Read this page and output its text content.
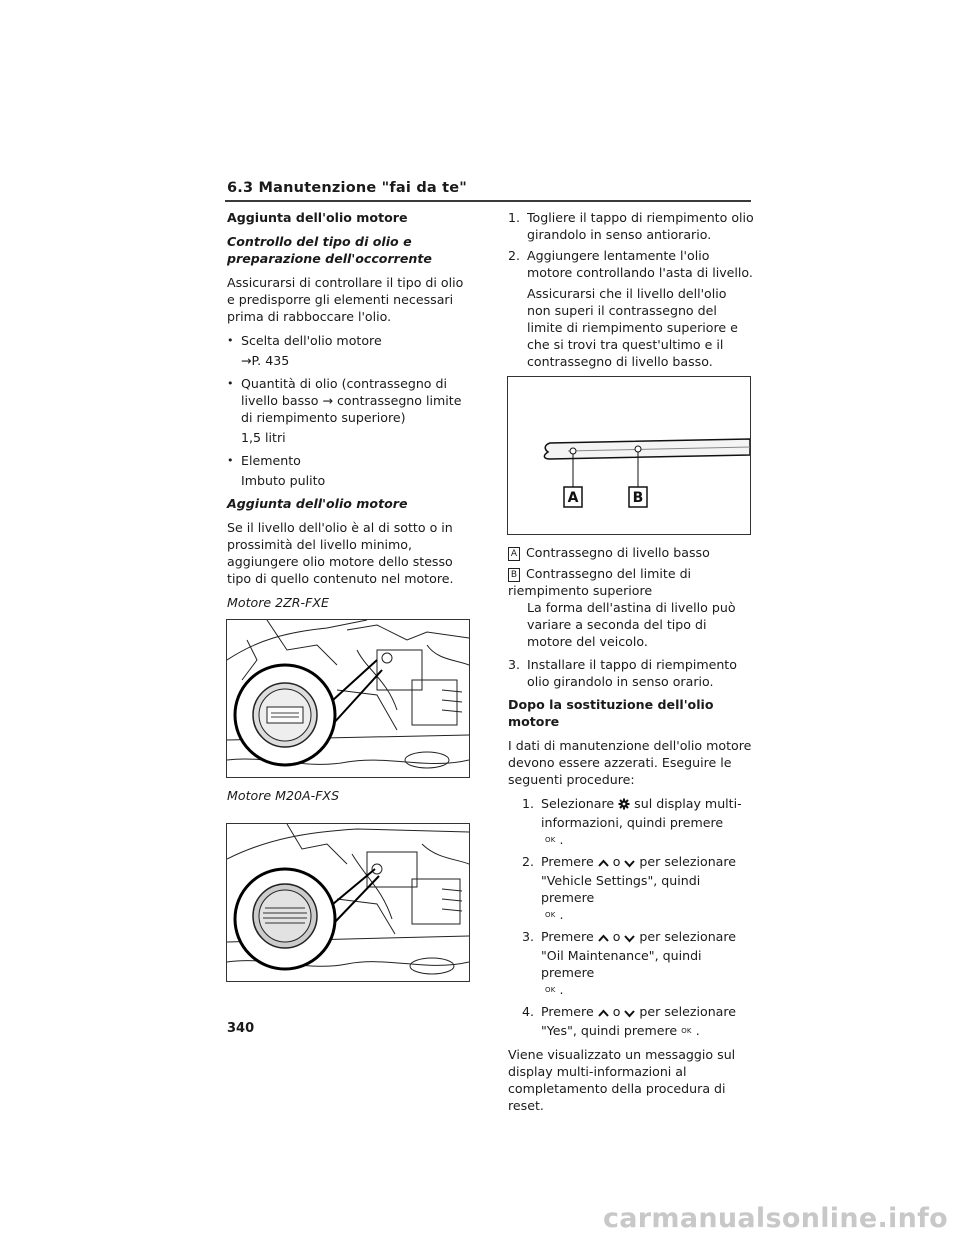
6.3 Manutenzione "fai da te"
Aggiunta dell'olio motore
Controllo del tipo di olio e preparazione dell'occorrente
Assicurarsi di controllare il tipo di olio e predisporre gli elementi necessari prima di rabboccare l'olio.
• Scelta dell'olio motore
→P. 435
• Quantità di olio (contrassegno di livello basso → contrassegno limite di riempimento superiore)
1,5 litri
• Elemento
Imbuto pulito
Aggiunta dell'olio motore
Se il livello dell'olio è al di sotto o in prossimità del livello minimo, aggiungere olio motore dello stesso tipo di quello contenuto nel motore.
Motore 2ZR-FXE
Motore M20A-FXS
1. Togliere il tappo di riempimento olio girandolo in senso antiorario.
2. Aggiungere lentamente l'olio motore controllando l'asta di livello.
Assicurarsi che il livello dell'olio non superi il contrassegno del limite di riempimento superiore e che si trovi tra quest'ultimo e il contrassegno di livello basso.
A	B
A Contrassegno di livello basso
B Contrassegno del limite di riempimento superiore
La forma dell'astina di livello può variare a seconda del tipo di motore del veicolo.
3. Installare il tappo di riempimento olio girandolo in senso orario.
Dopo la sostituzione dell'olio motore
I dati di manutenzione dell'olio motore devono essere azzerati. Eseguire le seguenti procedure:
1. Selezionare sul display multi-informazioni, quindi premere
OK .
2. Premere o per selezionare "Vehicle Settings", quindi premere
OK .
3. Premere o per selezionare "Oil Maintenance", quindi premere
OK .
4. Premere o per selezionare "Yes", quindi premere OK .
Viene visualizzato un messaggio sul display multi-informazioni al completamento della procedura di reset.
340
carmanualsonline.info
